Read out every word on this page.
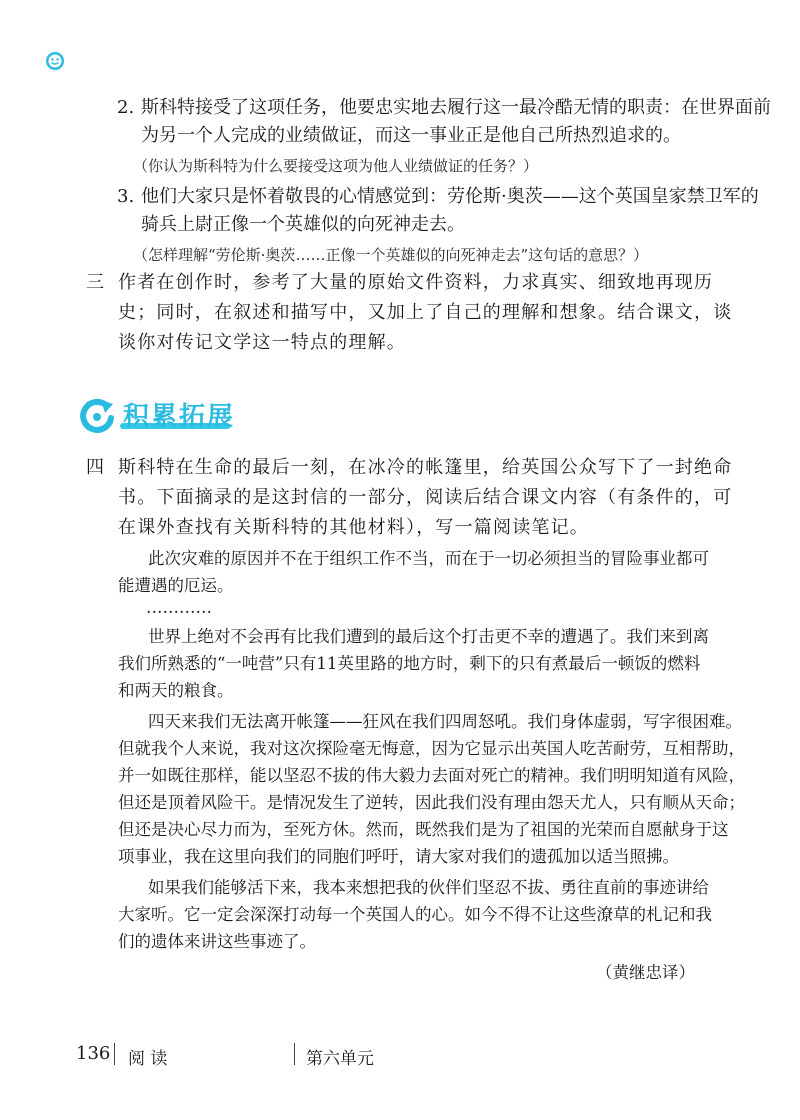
2. 斯科特接受了这项任务，他要忠实地去履行这一最冷酷无情的职责：在世界面前
为另一个人完成的业绩做证，而这一事业正是他自己所热烈追求的。
（你认为斯科特为什么要接受这项为他人业绩做证的任务？）
3. 他们大家只是怀着敬畏的心情感觉到：劳伦斯·奥茨——这个英国皇家禁卫军的
骑兵上尉正像一个英雄似的向死神走去。
（怎样理解“劳伦斯·奥茨……正像一个英雄似的向死神走去”这句话的意思？）
三 作者在创作时，参考了大量的原始文件资料，力求真实、细致地再现历
史；同时，在叙述和描写中，又加上了自己的理解和想象。结合课文，谈
谈你对传记文学这一特点的理解。
积累拓展
四 斯科特在生命的最后一刻，在冰冷的帐篷里，给英国公众写下了一封绝命
书。下面摘录的是这封信的一部分，阅读后结合课文内容（有条件的，可
在课外查找有关斯科特的其他材料），写一篇阅读笔记。
此次灾难的原因并不在于组织工作不当，而在于一切必须担当的冒险事业都可
能遭遇的厄运。
…………
世界上绝对不会再有比我们遭到的最后这个打击更不幸的遭遇了。我们来到离
我们所熟悉的“一吨营”只有11英里路的地方时，剩下的只有煮最后一顿饭的燃料
和两天的粮食。
四天来我们无法离开帐篷——狂风在我们四周怒吼。我们身体虚弱，写字很困难。
但就我个人来说，我对这次探险毫无悔意，因为它显示出英国人吃苦耐劳，互相帮助，
并一如既往那样，能以坚忍不拔的伟大毅力去面对死亡的精神。我们明明知道有风险，
但还是顶着风险干。是情况发生了逆转，因此我们没有理由怨天尤人，只有顺从天命；
但还是决心尽力而为，至死方休。然而，既然我们是为了祖国的光荣而自愿献身于这
项事业，我在这里向我们的同胞们呼吁，请大家对我们的遗孤加以适当照拂。
如果我们能够活下来，我本来想把我的伙伴们坚忍不拔、勇往直前的事迹讲给
大家听。它一定会深深打动每一个英国人的心。如今不得不让这些潦草的札记和我
们的遗体来讲这些事迹了。
（黄继忠译）
136 阅 读	第六单元
